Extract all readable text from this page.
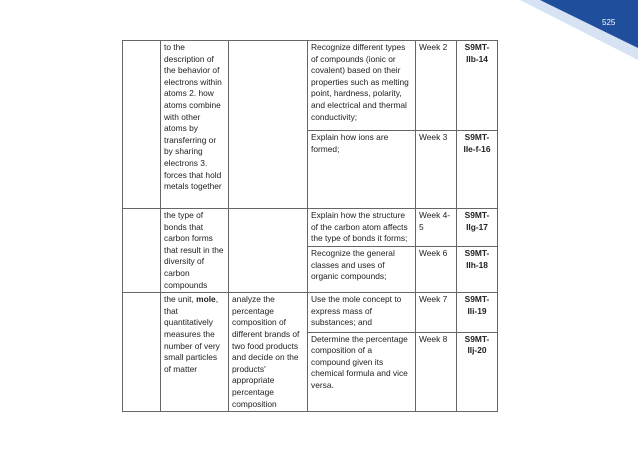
525
	to the description of the behavior of electrons within atoms 2. how atoms combine with other atoms by transferring or by sharing electrons 3. forces that hold metals together		Recognize different types of compounds (ionic or covalent) based on their properties such as melting point, hardness, polarity, and electrical and thermal conductivity;	Week 2	S9MT-IIb-14
			Explain how ions are formed;	Week 3	S9MT-IIe-f-16
	the type of bonds that carbon forms that result in the diversity of carbon compounds		Explain how the structure of the carbon atom affects the type of bonds it forms;	Week 4-5	S9MT-IIg-17
			Recognize the general classes and uses of organic compounds;	Week 6	S9MT-IIh-18
	the unit, mole, that quantitatively measures the number of very small particles of matter	analyze the percentage composition of different brands of two food products and decide on the products' appropriate percentage composition	Use the mole concept to express mass of substances; and	Week 7	S9MT-IIi-19
			Determine the percentage composition of a compound given its chemical formula and vice versa.	Week 8	S9MT-IIj-20
